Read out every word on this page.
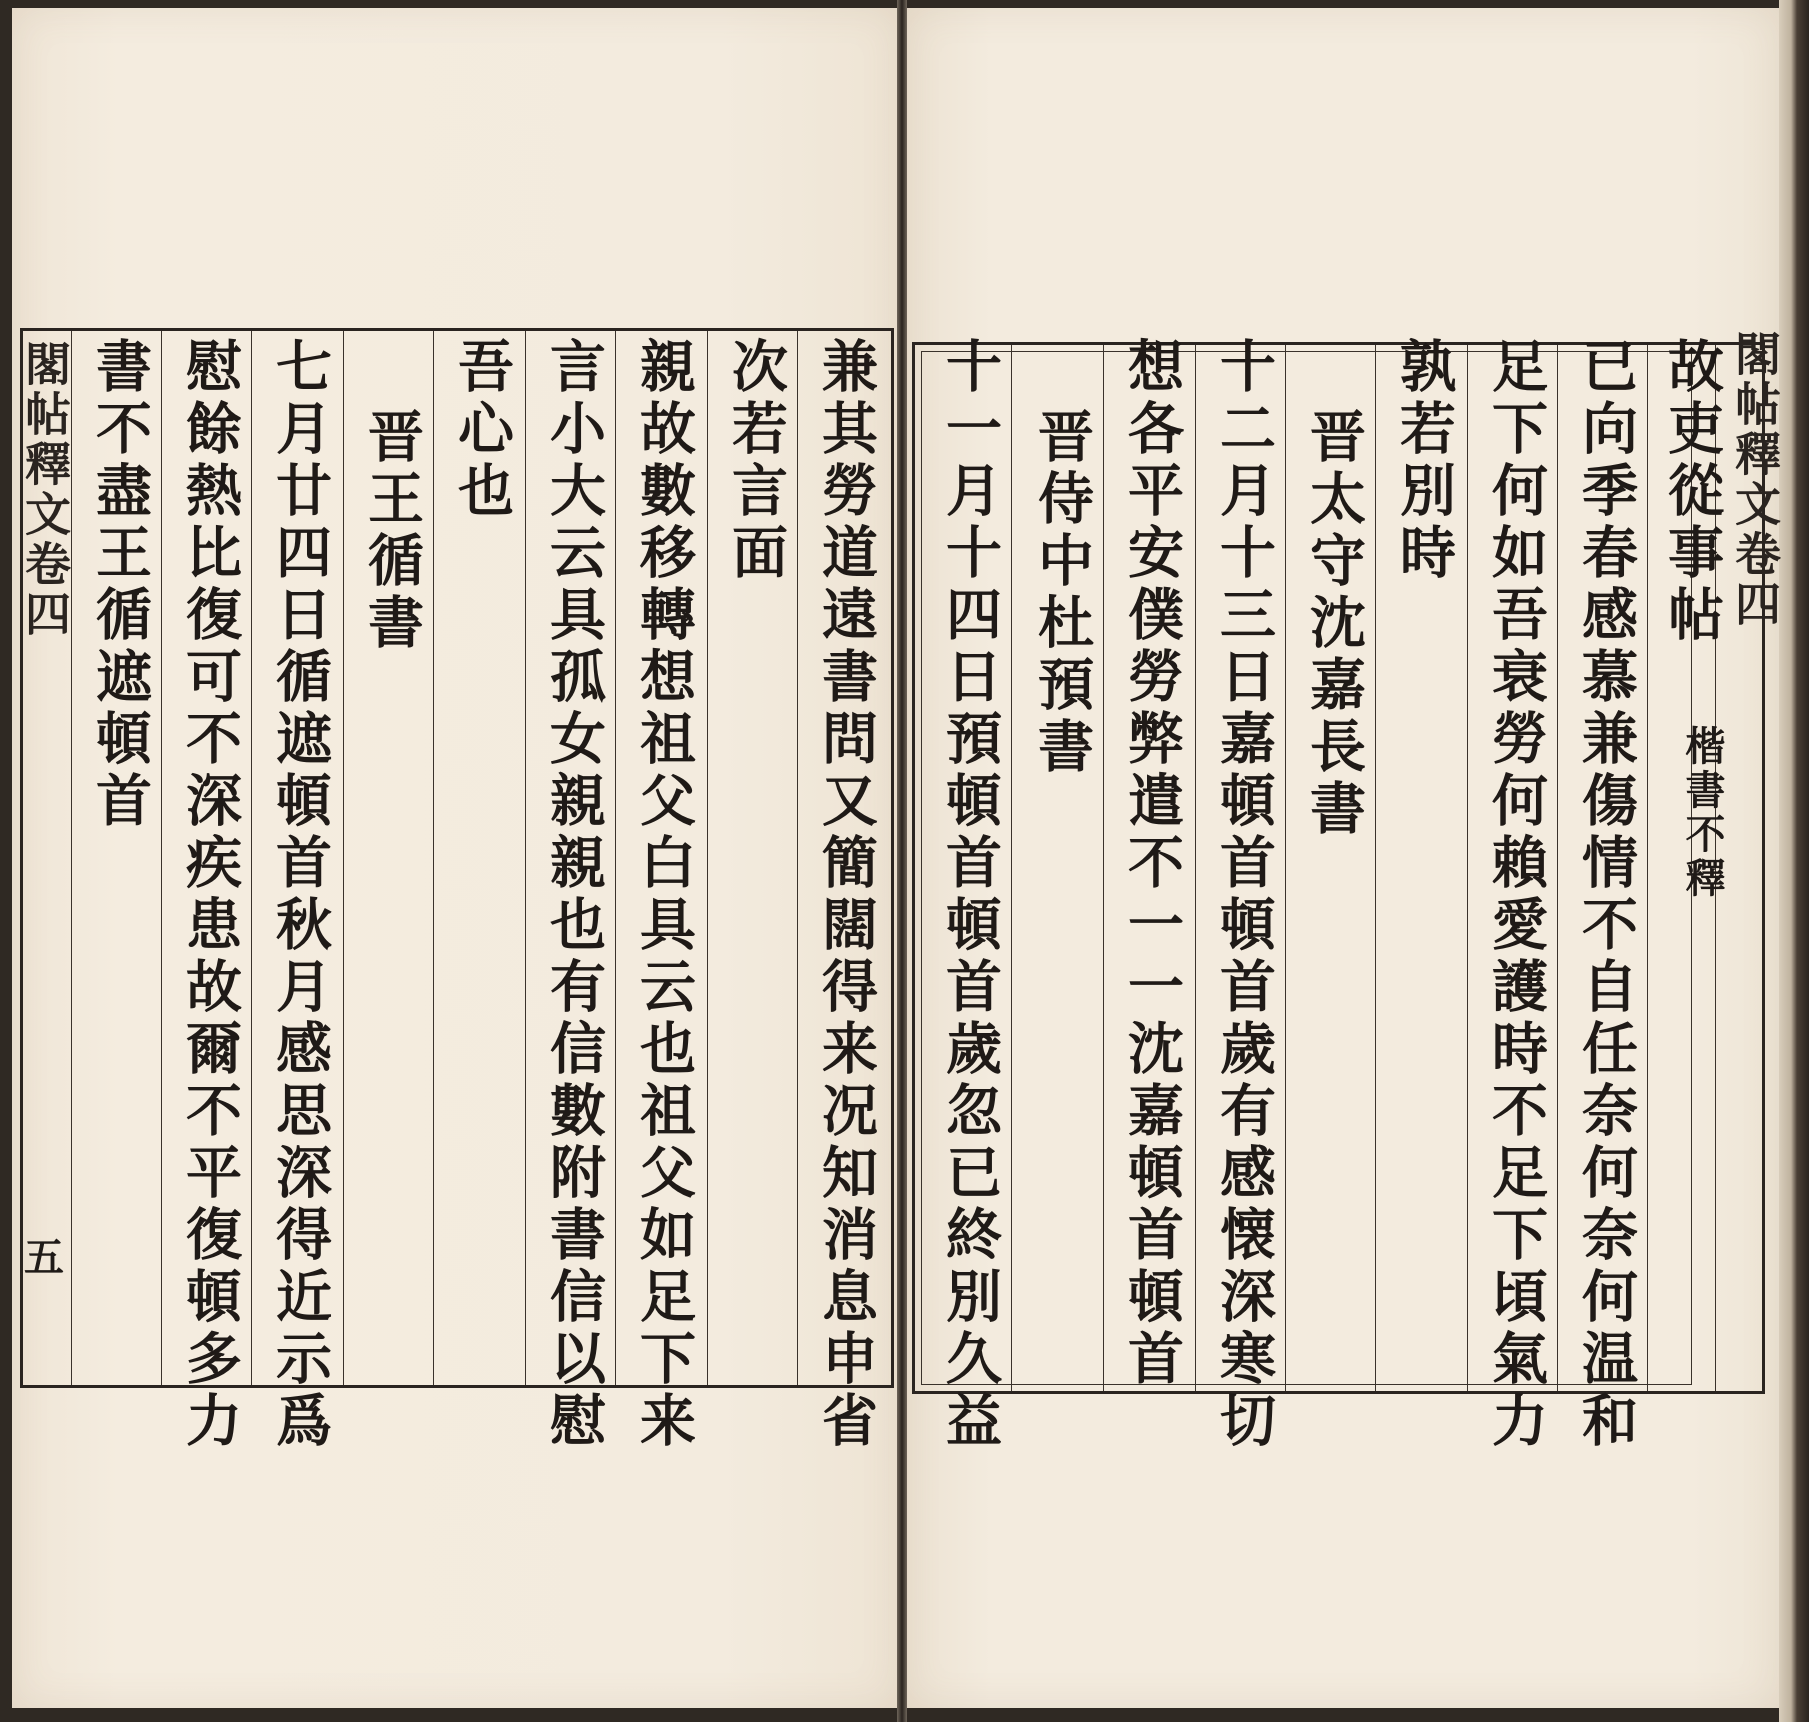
兼其勞道遠書問又簡闊得来况知消息申省
次若言面
親故數移轉想祖父白具云也祖父如足下来
言小大云具孤女親親也有信數附書信以慰
吾心也
晋王循書
七月廿四日循遮頓首秋月感思深得近示爲
慰餘熱比復可不深疾患故爾不平復頓多力
書不盡王循遮頓首
閣帖釋文卷四
五
故吏從事帖
楷書不釋
已向季春感慕兼傷情不自任奈何奈何温和
足下何如吾衰勞何賴愛護時不足下頃氣力
孰若別時
晋太守沈嘉長書
十二月十三日嘉頓首頓首歲有感懐深寒切
想各平安僕勞弊遣不一一沈嘉頓首頓首
晋侍中杜預書
十一月十四日預頓首頓首歲忽已終別久益	閣帖釋文卷四
